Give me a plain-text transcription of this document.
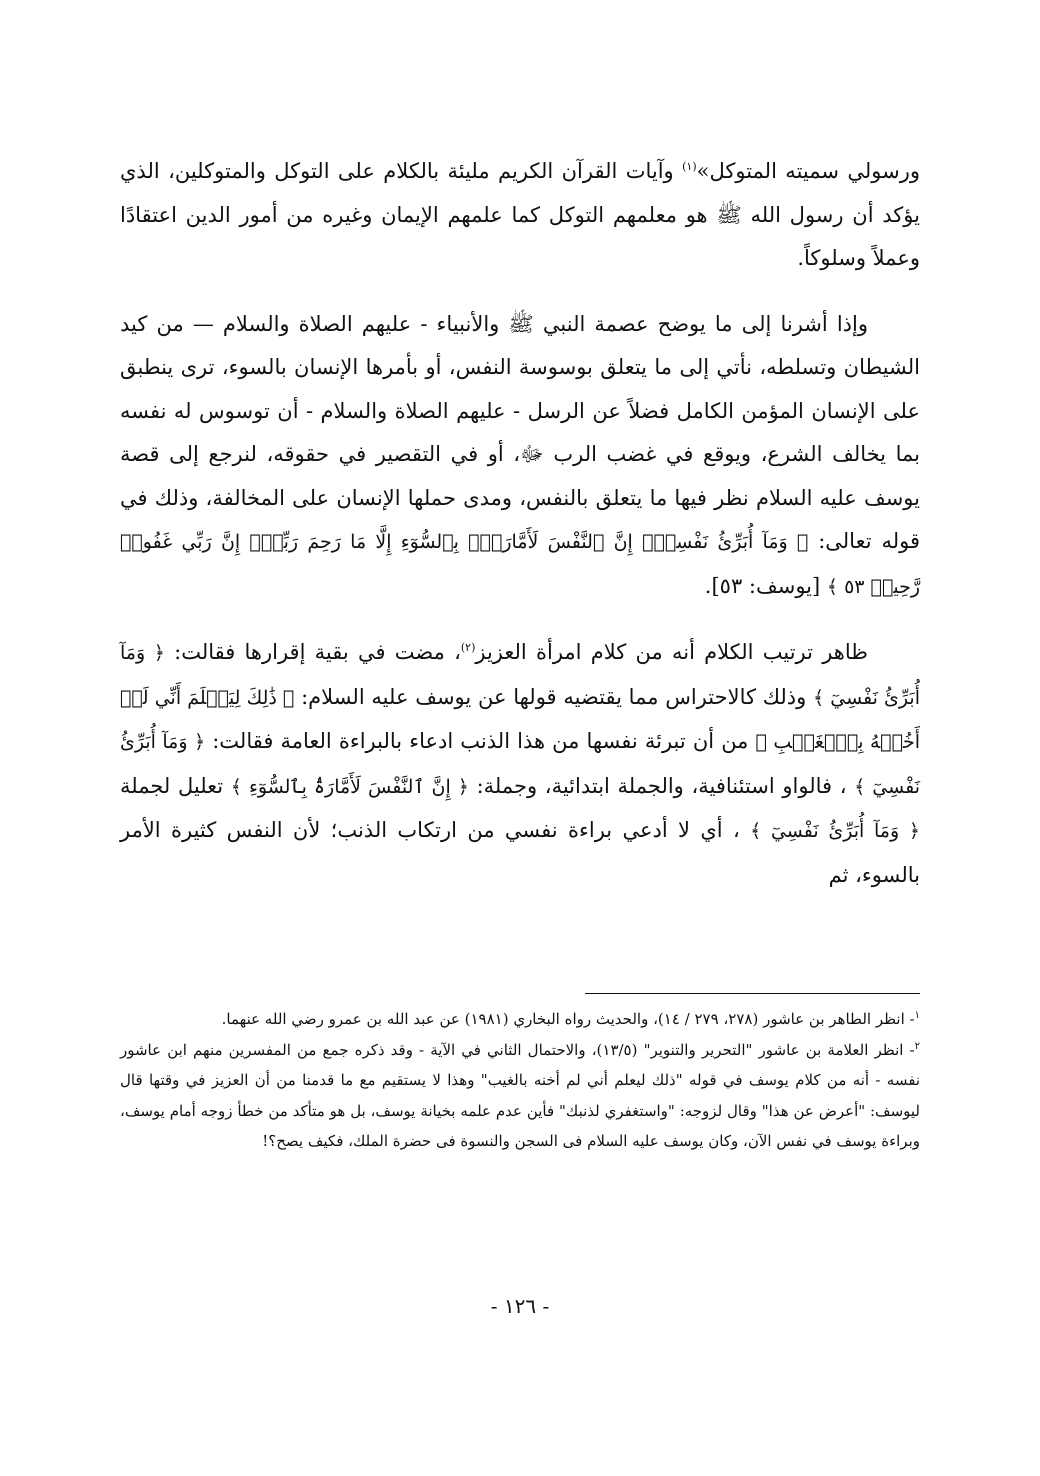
ورسولي سميته المتوكل»$^{(١)}$ وآيات القرآن الكريم مليئة بالكلام على التوكل والمتوكلين، الذي يؤكد أن رسول الله ﷺ هو معلمهم التوكل كما علمهم الإيمان وغيره من أمور الدين اعتقادًا وعملاً وسلوكاً.

وإذا أشرنا إلى ما يوضح عصمة النبي ﷺ والأنبياء - عليهم الصلاة والسلام — من كيد الشيطان وتسلطه، نأتي إلى ما يتعلق بوسوسة النفس، أو بأمرها الإنسان بالسوء، ترى ينطبق على الإنسان المؤمن الكامل فضلاً عن الرسل - عليهم الصلاة والسلام - أن توسوس له نفسه بما يخالف الشرع، ويوقع في غضب الرب ﷻ، أو في التقصير في حقوقه، لنرجع إلى قصة يوسف عليه السلام نظر فيها ما يتعلق بالنفس، ومدى حملها الإنسان على المخالفة، وذلك في قوله تعالى: ﴿ وَمَآ أُبَرِّئُ نَفْسِيٓۚ إِنَّ ٱلنَّفْسَ لَأَمَّارَةُۢ بِٱلسُّوٓءِ إِلَّا مَا رَحِمَ رَبِّيٓۚ إِنَّ رَبِّي غَفُورٞ رَّحِيمٞ ٥٣ ﴾ [يوسف: ٥٣].

ظاهر ترتيب الكلام أنه من كلام امرأة العزيز$^{(٢)}$، مضت في بقية إقرارها فقالت: ﴿ وَمَآ أُبَرِّئُ نَفْسِيٓ ﴾ وذلك كالاحتراس مما يقتضيه قولها عن يوسف عليه السلام: ﴿ ذَٰلِكَ لِيَعۡلَمَ أَنِّي لَمۡ أَخُنۡهُ بِٱلۡغَيۡبِ ﴾ من أن تبرئة نفسها من هذا الذنب ادعاء بالبراءة العامة فقالت: ﴿ وَمَآ أُبَرِّئُ نَفْسِيٓ ﴾ ، فالواو استئنافية، والجملة ابتدائية، وجملة: ﴿ إِنَّ ٱلنَّفْسَ لَأَمَّارَةُۢ بِٱلسُّوٓءِ ﴾ تعليل لجملة ﴿ وَمَآ أُبَرِّئُ نَفْسِيٓ ﴾ ، أي لا أدعي براءة نفسي من ارتكاب الذنب؛ لأن النفس كثيرة الأمر بالسوء، ثم

$^١$- انظر الطاهر بن عاشور (٢٧٨، ٢٧٩ / ١٤)، والحديث رواه البخاري (١٩٨١) عن عبد الله بن عمرو رضي الله عنهما.

$^٢$- انظر العلامة بن عاشور "التحرير والتنوير" (١٣/٥)، والاحتمال الثاني في الآية - وقد ذكره جمع من المفسرين منهم ابن عاشور نفسه - أنه من كلام يوسف في قوله "ذلك ليعلم أني لم أخنه بالغيب" وهذا لا يستقيم مع ما قدمنا من أن العزيز في وقتها قال ليوسف: "أعرض عن هذا" وقال لزوجه: "واستغفري لذنبك" فأين عدم علمه بخيانة يوسف، بل هو متأكد من خطأ زوجه أمام يوسف، وبراءة يوسف في نفس الآن، وكان يوسف عليه السلام فى السجن والنسوة فى حضرة الملك، فكيف يصح؟!

- ١٢٦ -
